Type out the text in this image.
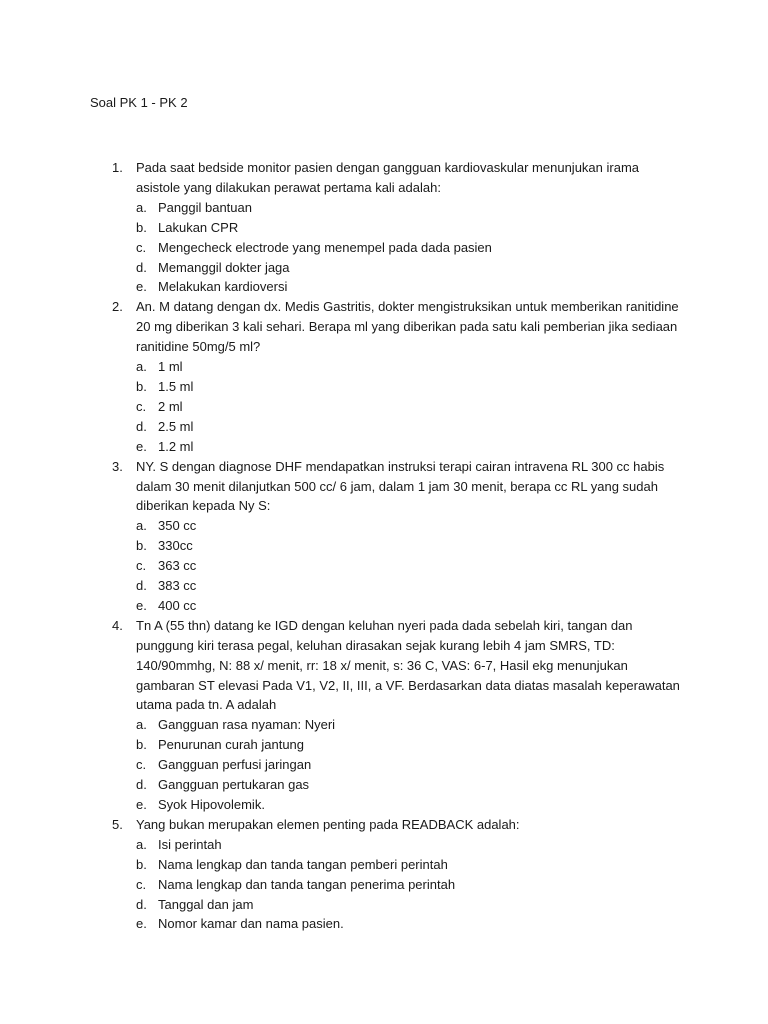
Soal PK 1 - PK 2
1. Pada saat bedside monitor pasien dengan gangguan kardiovaskular menunjukan irama asistole yang dilakukan perawat pertama kali adalah:
a. Panggil bantuan
b. Lakukan CPR
c. Mengecheck electrode yang menempel pada dada pasien
d. Memanggil dokter jaga
e. Melakukan kardioversi
2. An. M datang dengan dx. Medis Gastritis, dokter mengistruksikan untuk memberikan ranitidine 20 mg diberikan 3 kali sehari. Berapa ml yang diberikan pada satu kali pemberian jika sediaan ranitidine 50mg/5 ml?
a. 1 ml
b. 1.5 ml
c. 2 ml
d. 2.5 ml
e. 1.2 ml
3. NY. S dengan diagnose DHF mendapatkan instruksi terapi cairan intravena RL 300 cc habis dalam 30 menit dilanjutkan 500 cc/ 6 jam, dalam 1 jam 30 menit, berapa cc RL yang sudah diberikan kepada Ny S:
a. 350 cc
b. 330cc
c. 363 cc
d. 383 cc
e. 400 cc
4. Tn A (55 thn) datang ke IGD dengan keluhan nyeri pada dada sebelah kiri, tangan dan punggung kiri terasa pegal, keluhan dirasakan sejak kurang lebih 4 jam SMRS, TD: 140/90mmhg, N: 88 x/ menit, rr: 18 x/ menit, s: 36 C, VAS: 6-7, Hasil ekg menunjukan gambaran ST elevasi Pada V1, V2, II, III, a VF. Berdasarkan data diatas masalah keperawatan utama pada tn. A adalah
a. Gangguan rasa nyaman: Nyeri
b. Penurunan curah jantung
c. Gangguan perfusi jaringan
d. Gangguan pertukaran gas
e. Syok Hipovolemik.
5. Yang bukan merupakan elemen penting pada READBACK adalah:
a. Isi perintah
b. Nama lengkap dan tanda tangan pemberi perintah
c. Nama lengkap dan tanda tangan penerima perintah
d. Tanggal dan jam
e. Nomor kamar dan nama pasien.
